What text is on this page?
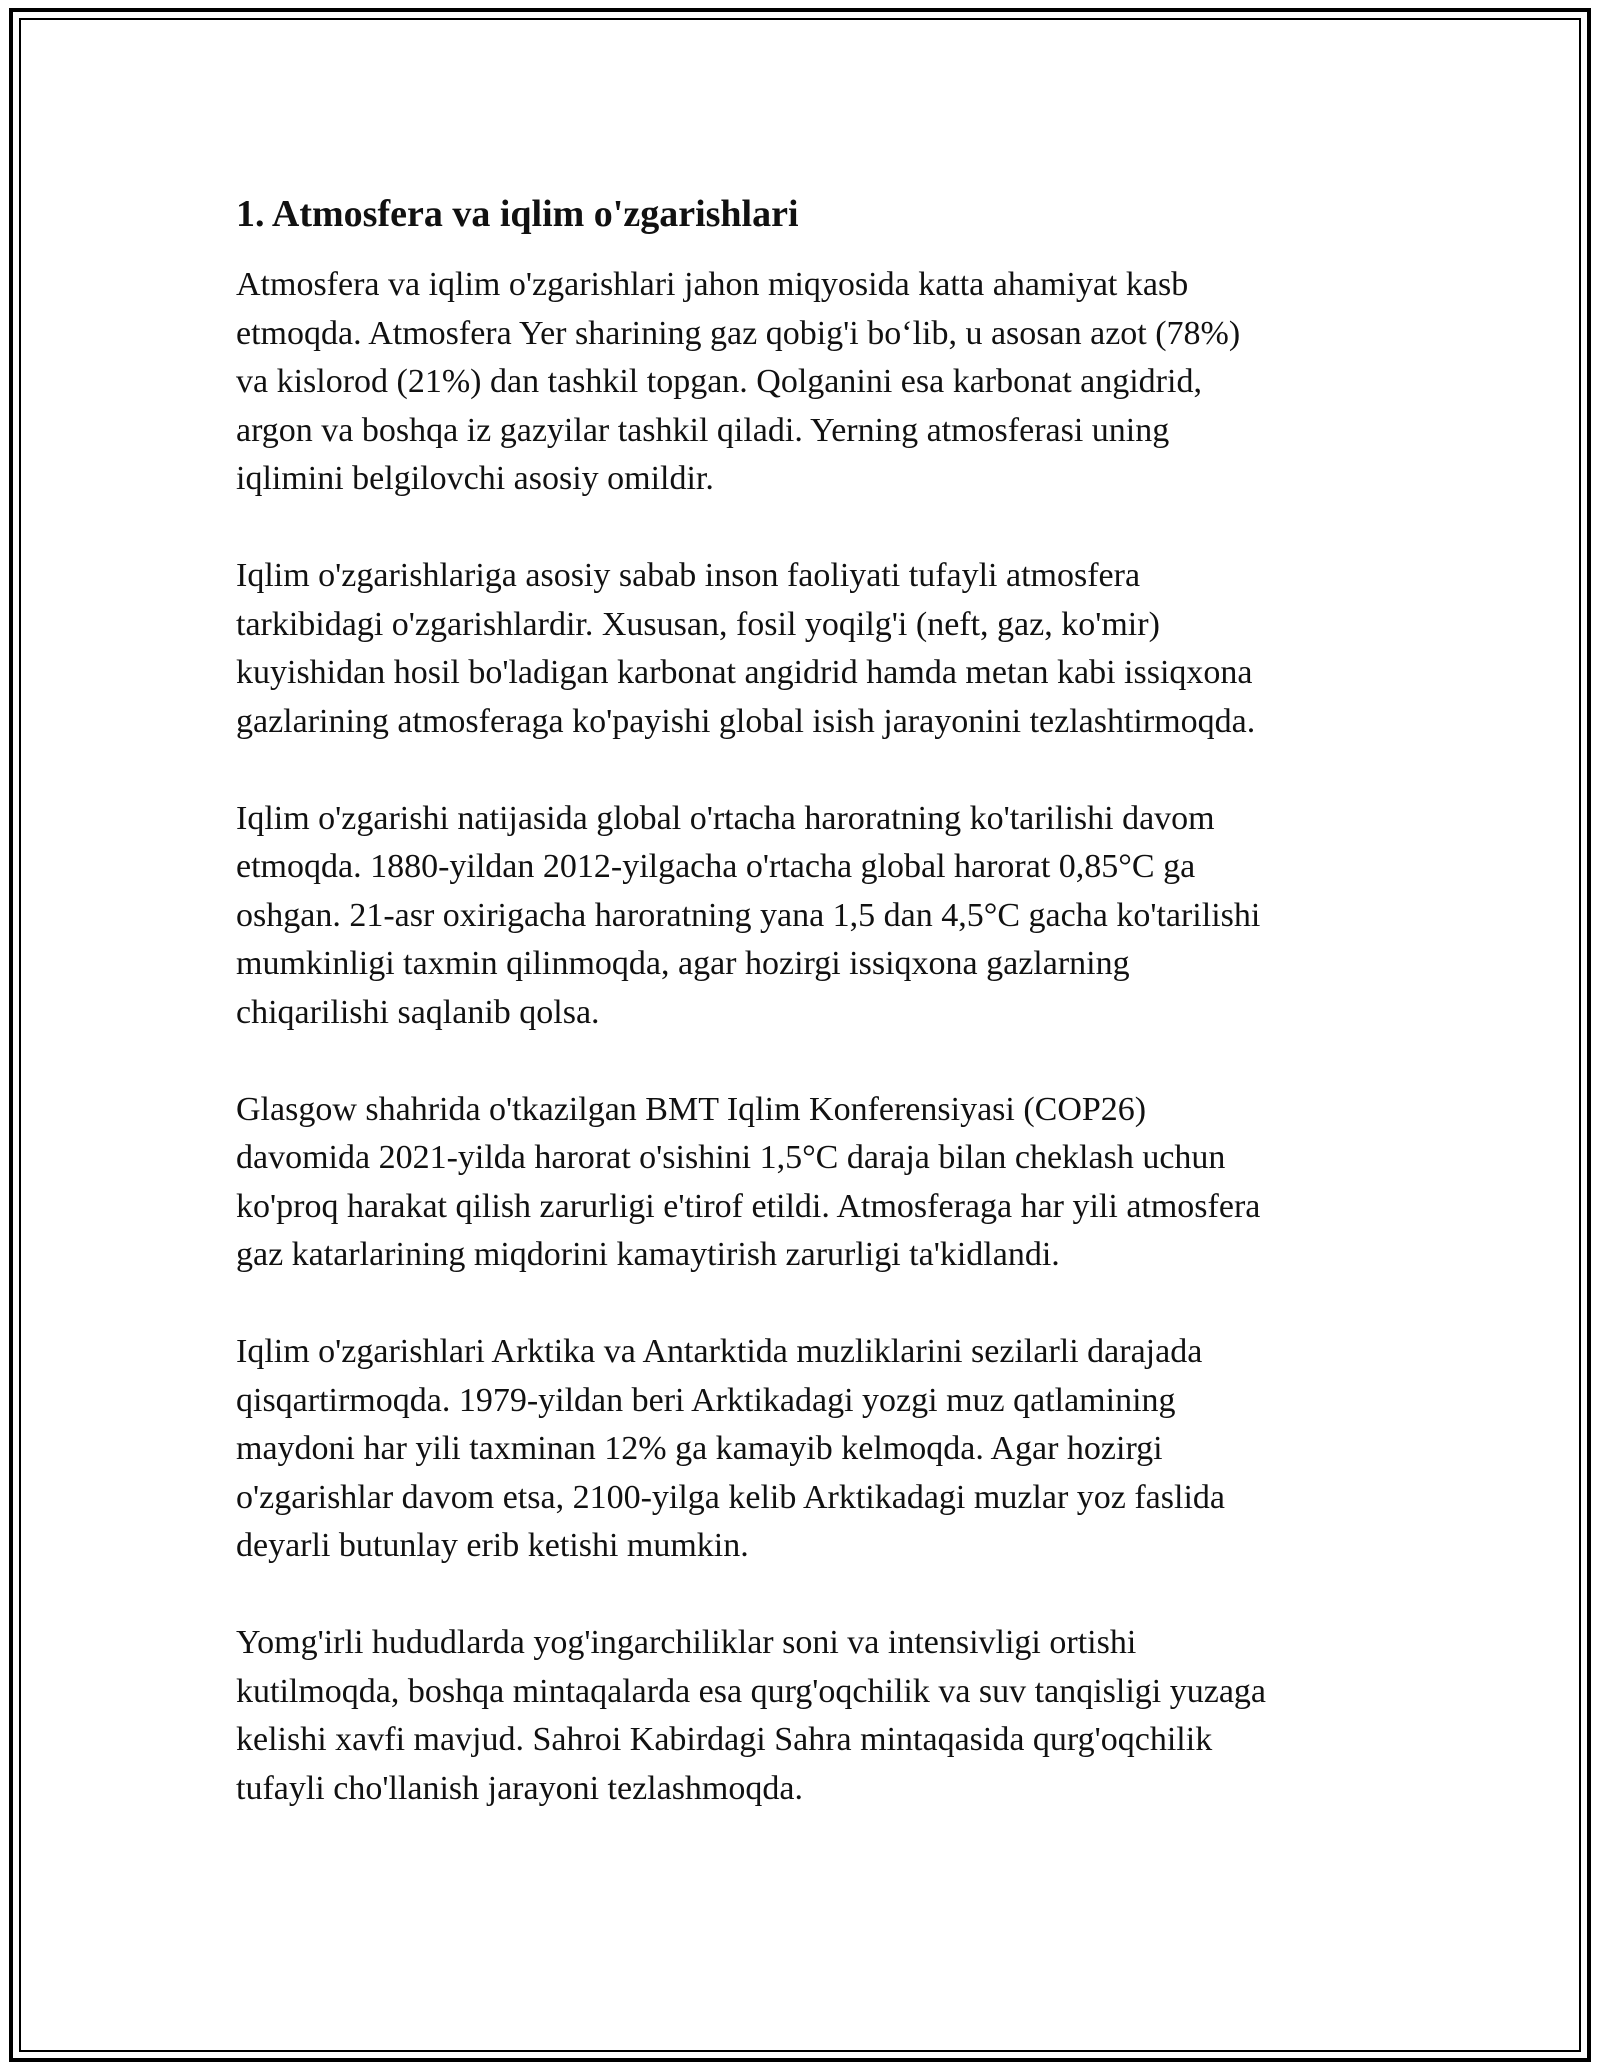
1. Atmosfera va iqlim o'zgarishlari

Atmosfera va iqlim o'zgarishlari jahon miqyosida katta ahamiyat kasb
etmoqda. Atmosfera Yer sharining gaz qobig'i bo‘lib, u asosan azot (78%)
va kislorod (21%) dan tashkil topgan. Qolganini esa karbonat angidrid,
argon va boshqa iz gazyilar tashkil qiladi. Yerning atmosferasi uning
iqlimini belgilovchi asosiy omildir.

Iqlim o'zgarishlariga asosiy sabab inson faoliyati tufayli atmosfera
tarkibidagi o'zgarishlardir. Xususan, fosil yoqilg'i (neft, gaz, ko'mir)
kuyishidan hosil bo'ladigan karbonat angidrid hamda metan kabi issiqxona
gazlarining atmosferaga ko'payishi global isish jarayonini tezlashtirmoqda.

Iqlim o'zgarishi natijasida global o'rtacha haroratning ko'tarilishi davom
etmoqda. 1880-yildan 2012-yilgacha o'rtacha global harorat 0,85°C ga
oshgan. 21-asr oxirigacha haroratning yana 1,5 dan 4,5°C gacha ko'tarilishi
mumkinligi taxmin qilinmoqda, agar hozirgi issiqxona gazlarning
chiqarilishi saqlanib qolsa.

Glasgow shahrida o'tkazilgan BMT Iqlim Konferensiyasi (COP26)
davomida 2021-yilda harorat o'sishini 1,5°C daraja bilan cheklash uchun
ko'proq harakat qilish zarurligi e'tirof etildi. Atmosferaga har yili atmosfera
gaz katarlarining miqdorini kamaytirish zarurligi ta'kidlandi.

Iqlim o'zgarishlari Arktika va Antarktida muzliklarini sezilarli darajada
qisqartirmoqda. 1979-yildan beri Arktikadagi yozgi muz qatlamining
maydoni har yili taxminan 12% ga kamayib kelmoqda. Agar hozirgi
o'zgarishlar davom etsa, 2100-yilga kelib Arktikadagi muzlar yoz faslida
deyarli butunlay erib ketishi mumkin.

Yomg'irli hududlarda yog'ingarchiliklar soni va intensivligi ortishi
kutilmoqda, boshqa mintaqalarda esa qurg'oqchilik va suv tanqisligi yuzaga
kelishi xavfi mavjud. Sahroi Kabirdagi Sahra mintaqasida qurg'oqchilik
tufayli cho'llanish jarayoni tezlashmoqda.
